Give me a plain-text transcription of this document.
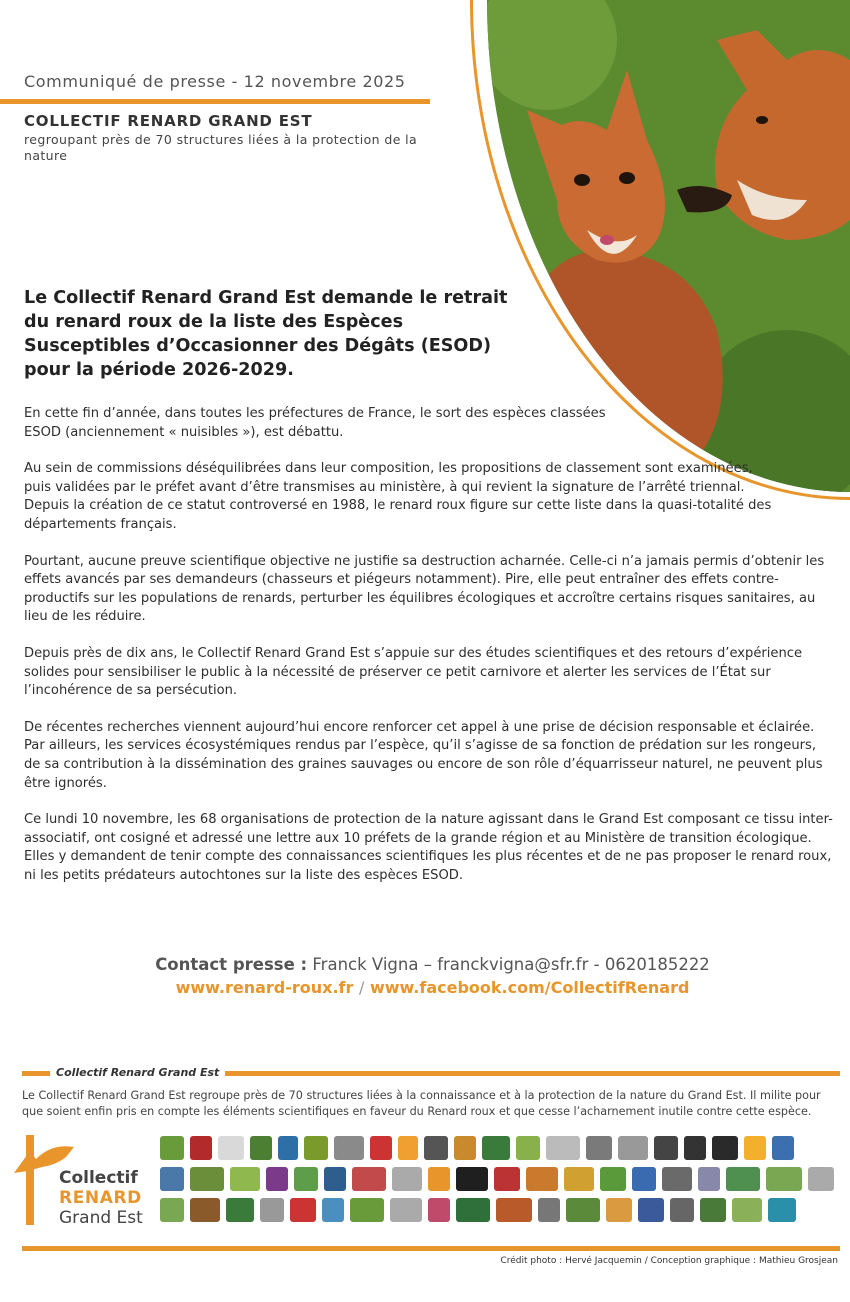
Communiqué de presse - 12 novembre 2025
COLLECTIF RENARD GRAND EST
regroupant près de 70 structures liées à la protection de la nature
Le Collectif Renard Grand Est demande le retrait du renard roux de la liste des Espèces Susceptibles d’Occasionner des Dégâts (ESOD) pour la période 2026-2029.

En cette fin d’année, dans toutes les préfectures de France, le sort des espèces classées ESOD (anciennement « nuisibles »), est débattu.

Au sein de commissions déséquilibrées dans leur composition, les propositions de classement sont examinées, puis validées par le préfet avant d’être transmises au ministère, à qui revient la signature de l’arrêté triennal. Depuis la création de ce statut controversé en 1988, le renard roux figure sur cette liste dans la quasi-totalité des départements français.

Pourtant, aucune preuve scientifique objective ne justifie sa destruction acharnée. Celle-ci n’a jamais permis d’obtenir les effets avancés par ses demandeurs (chasseurs et piégeurs notamment). Pire, elle peut entraîner des effets contre-productifs sur les populations de renards, perturber les équilibres écologiques et accroître certains risques sanitaires, au lieu de les réduire.

Depuis près de dix ans, le Collectif Renard Grand Est s’appuie sur des études scientifiques et des retours d’expérience solides pour sensibiliser le public à la nécessité de préserver ce petit carnivore et alerter les services de l’État sur l’incohérence de sa persécution.

De récentes recherches viennent aujourd’hui encore renforcer cet appel à une prise de décision responsable et éclairée. Par ailleurs, les services écosystémiques rendus par l’espèce, qu’il s’agisse de sa fonction de prédation sur les rongeurs, de sa contribution à la dissémination des graines sauvages ou encore de son rôle d’équarrisseur naturel, ne peuvent plus être ignorés.

Ce lundi 10 novembre, les 68 organisations de protection de la nature agissant dans le Grand Est composant ce tissu inter-associatif, ont cosigné et adressé une lettre aux 10 préfets de la grande région et au Ministère de transition écologique. Elles y demandent de tenir compte des connaissances scientifiques les plus récentes et de ne pas proposer le renard roux, ni les petits prédateurs autochtones sur la liste des espèces ESOD.

Contact presse : Franck Vigna – franckvigna@sfr.fr - 0620185222
www.renard-roux.fr / www.facebook.com/CollectifRenard
Collectif Renard Grand Est
Le Collectif Renard Grand Est regroupe près de 70 structures liées à la connaissance et à la protection de la nature du Grand Est. Il milite pour que soient enfin pris en compte les éléments scientifiques en faveur du Renard roux et que cesse l’acharnement inutile contre cette espèce.
Collectif
RENARD
Grand Est
Crédit photo : Hervé Jacquemin / Conception graphique : Mathieu Grosjean
